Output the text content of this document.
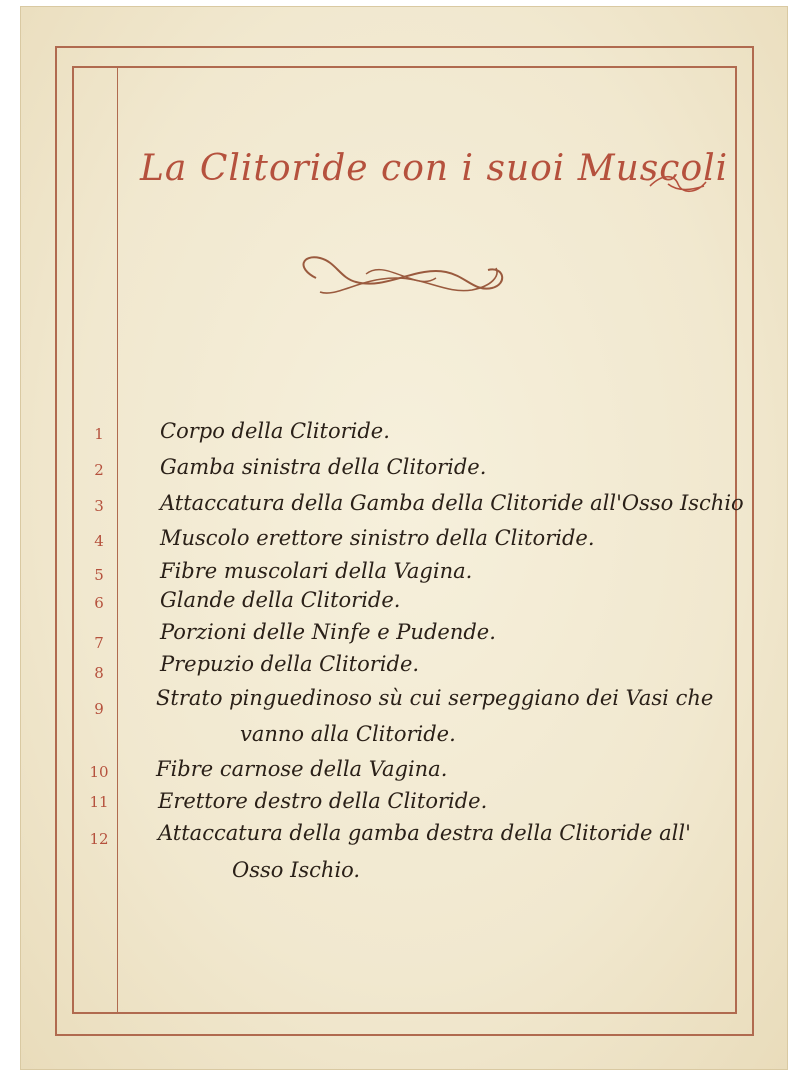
La Clitoride con i suoi Muscoli
1
2
3
4
5
6
7
8
9
10
11
12
Corpo della Clitoride.
Gamba sinistra della Clitoride.
Attaccatura della Gamba della Clitoride all'Osso Ischio
Muscolo erettore sinistro della Clitoride.
Fibre muscolari della Vagina.
Glande della Clitoride.
Porzioni delle Ninfe e Pudende.
Prepuzio della Clitoride.
Strato pinguedinoso sù cui serpeggiano dei Vasi che
vanno alla Clitoride.
Fibre carnose della Vagina.
Erettore destro della Clitoride.
Attaccatura della gamba destra della Clitoride all'
Osso Ischio.
